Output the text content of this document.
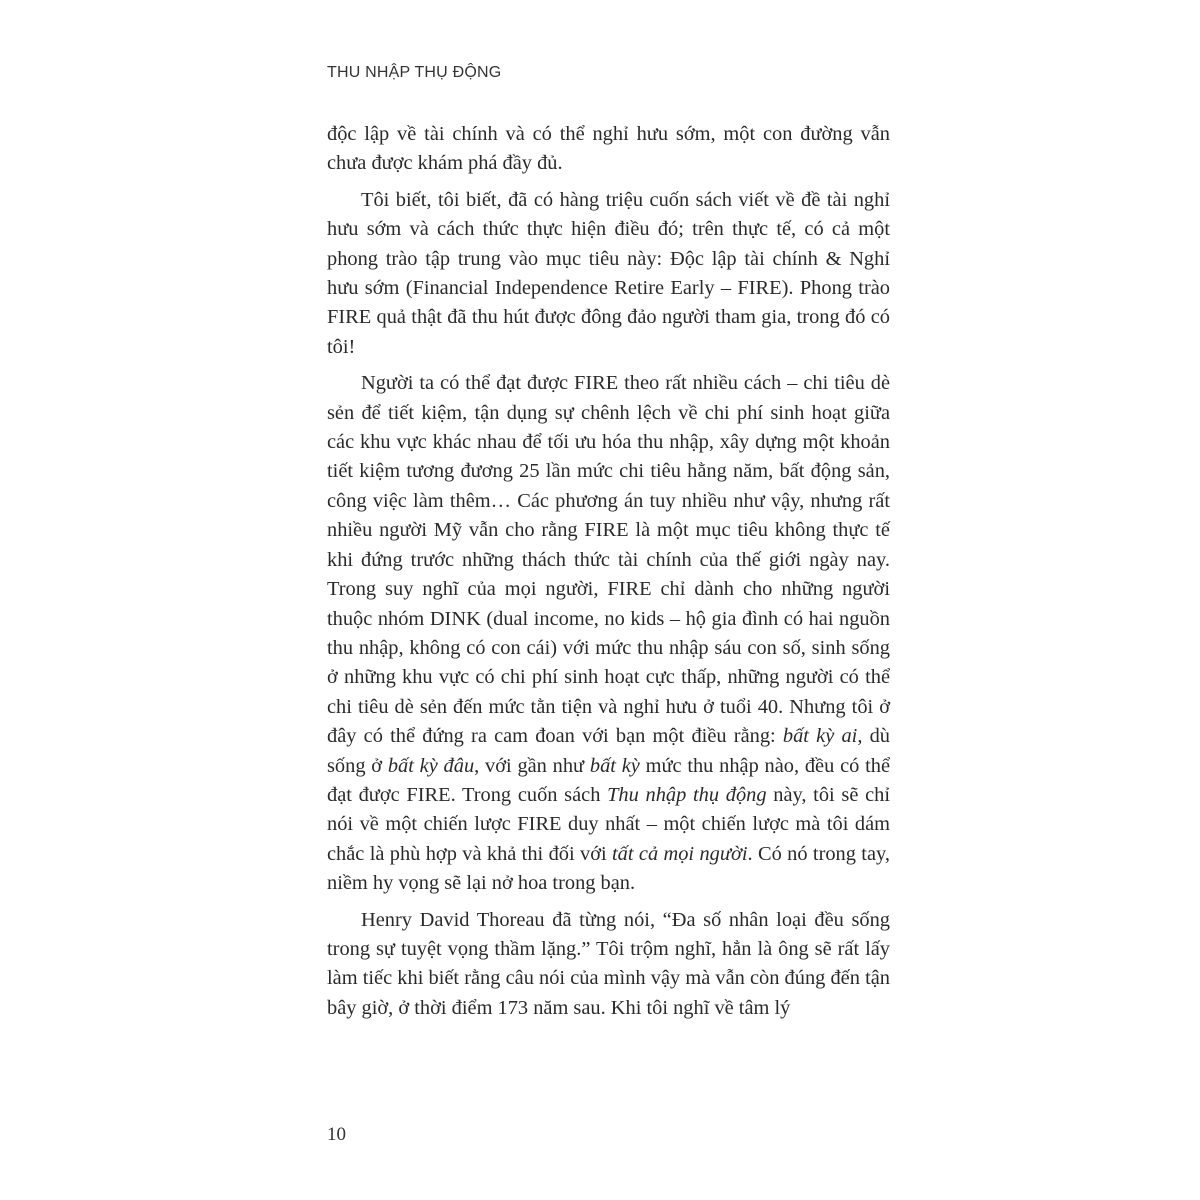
THU NHẬP THỤ ĐỘNG

độc lập về tài chính và có thể nghỉ hưu sớm, một con đường vẫn chưa được khám phá đầy đủ.

Tôi biết, tôi biết, đã có hàng triệu cuốn sách viết về đề tài nghỉ hưu sớm và cách thức thực hiện điều đó; trên thực tế, có cả một phong trào tập trung vào mục tiêu này: Độc lập tài chính & Nghỉ hưu sớm (Financial Independence Retire Early – FIRE). Phong trào FIRE quả thật đã thu hút được đông đảo người tham gia, trong đó có tôi!

Người ta có thể đạt được FIRE theo rất nhiều cách – chi tiêu dè sẻn để tiết kiệm, tận dụng sự chênh lệch về chi phí sinh hoạt giữa các khu vực khác nhau để tối ưu hóa thu nhập, xây dựng một khoản tiết kiệm tương đương 25 lần mức chi tiêu hằng năm, bất động sản, công việc làm thêm… Các phương án tuy nhiều như vậy, nhưng rất nhiều người Mỹ vẫn cho rằng FIRE là một mục tiêu không thực tế khi đứng trước những thách thức tài chính của thế giới ngày nay. Trong suy nghĩ của mọi người, FIRE chỉ dành cho những người thuộc nhóm DINK (dual income, no kids – hộ gia đình có hai nguồn thu nhập, không có con cái) với mức thu nhập sáu con số, sinh sống ở những khu vực có chi phí sinh hoạt cực thấp, những người có thể chi tiêu dè sẻn đến mức tằn tiện và nghỉ hưu ở tuổi 40. Nhưng tôi ở đây có thể đứng ra cam đoan với bạn một điều rằng: bất kỳ ai, dù sống ở bất kỳ đâu, với gần như bất kỳ mức thu nhập nào, đều có thể đạt được FIRE. Trong cuốn sách Thu nhập thụ động này, tôi sẽ chỉ nói về một chiến lược FIRE duy nhất – một chiến lược mà tôi dám chắc là phù hợp và khả thi đối với tất cả mọi người. Có nó trong tay, niềm hy vọng sẽ lại nở hoa trong bạn.

Henry David Thoreau đã từng nói, “Đa số nhân loại đều sống trong sự tuyệt vọng thầm lặng.” Tôi trộm nghĩ, hẳn là ông sẽ rất lấy làm tiếc khi biết rằng câu nói của mình vậy mà vẫn còn đúng đến tận bây giờ, ở thời điểm 173 năm sau. Khi tôi nghĩ về tâm lý

10
